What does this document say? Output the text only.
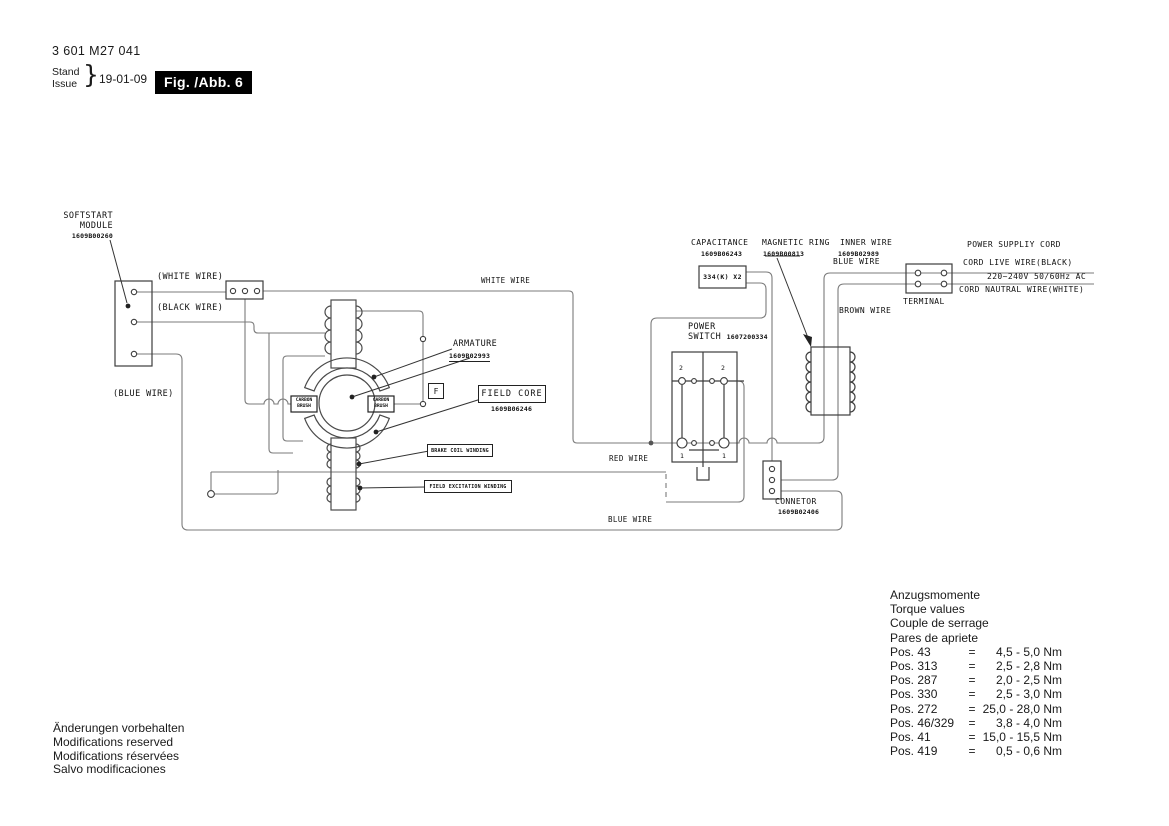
3 601 M27 041
Stand
Issue } 19-01-09	Fig. /Abb. 6
SOFTSTART
MODULE
1609B00260
(WHITE WIRE)
(BLACK WIRE)
(BLUE WIRE)
WHITE WIRE
ARMATURE
1609B02993
F	FIELD CORE
1609B06246
CARBON
BRUSH
CARBON
BRUSH
BRAKE COIL WINDING
FIELD EXCITATION WINDING
RED WIRE
BLUE WIRE
POWER
SWITCH 1607200334
2	2
1	1
CAPACITANCE
1609B06243
MAGNETIC RING
1609B00813
INNER WIRE
1609B02989
BLUE WIRE
BROWN WIRE
334(K) X2
POWER SUPPLIY CORD
CORD LIVE WIRE(BLACK)
220~240V 50/60Hz AC
CORD NAUTRAL WIRE(WHITE)
TERMINAL
CONNETOR
1609B02406
Anzugsmomente
Torque values
Couple de serrage
Pares de apriete
Pos. 43	=	4,5 - 5,0 Nm
Pos. 313	=	2,5 - 2,8 Nm
Pos. 287	=	2,0 - 2,5 Nm
Pos. 330	=	2,5 - 3,0 Nm
Pos. 272	= 25,0 - 28,0 Nm
Pos. 46/329	=	3,8 - 4,0 Nm
Pos. 41	= 15,0 - 15,5 Nm
Pos. 419	=	0,5 - 0,6 Nm
Änderungen vorbehalten
Modifications reserved
Modifications réservées
Salvo modificaciones
